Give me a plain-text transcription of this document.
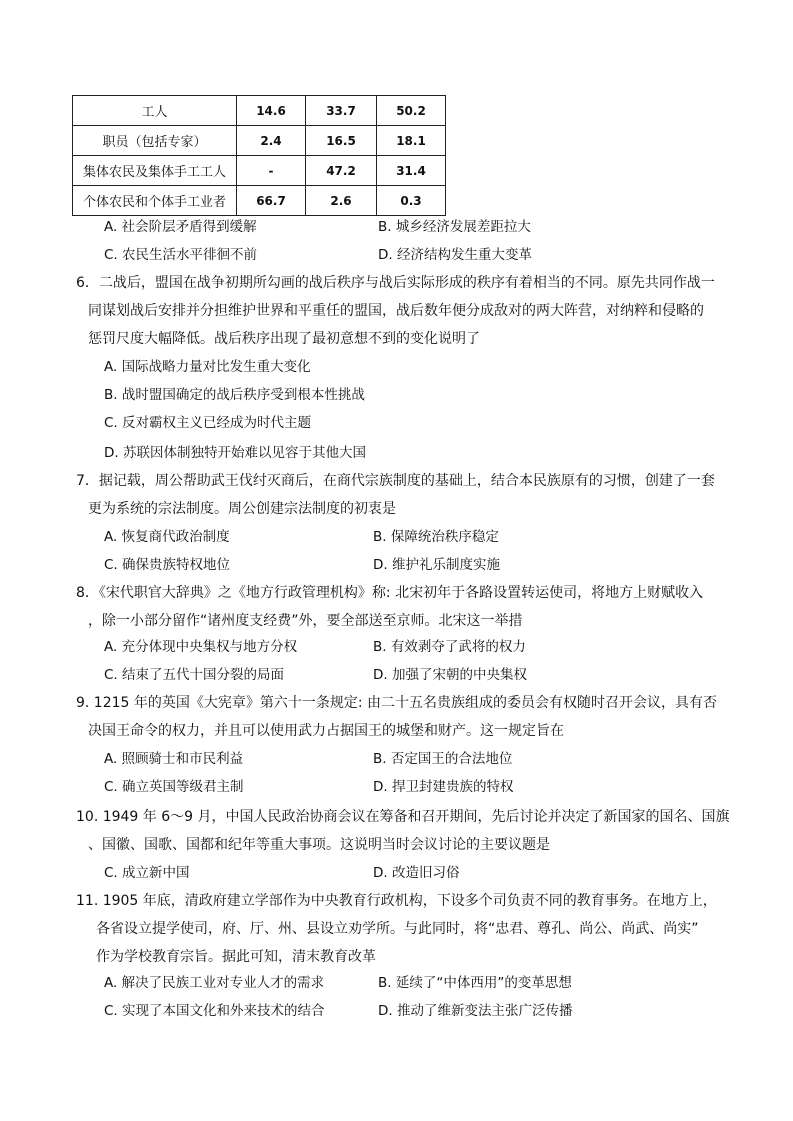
工人	14.6	33.7	50.2
职员（包括专家）	2.4	16.5	18.1
集体农民及集体手工工人	-	47.2	31.4
个体农民和个体手工业者	66.7	2.6	0.3
A. 社会阶层矛盾得到缓解	B. 城乡经济发展差距拉大
C. 农民生活水平徘徊不前	D. 经济结构发生重大变革
6．二战后，盟国在战争初期所勾画的战后秩序与战后实际形成的秩序有着相当的不同。原先共同作战一
同谋划战后安排并分担维护世界和平重任的盟国，战后数年便分成敌对的两大阵营，对纳粹和侵略的
惩罚尺度大幅降低。战后秩序出现了最初意想不到的变化说明了
A. 国际战略力量对比发生重大变化
B. 战时盟国确定的战后秩序受到根本性挑战
C. 反对霸权主义已经成为时代主题
D. 苏联因体制独特开始难以见容于其他大国
7．据记载，周公帮助武王伐纣灭商后，在商代宗族制度的基础上，结合本民族原有的习惯，创建了一套
更为系统的宗法制度。周公创建宗法制度的初衷是
A. 恢复商代政治制度	B. 保障统治秩序稳定
C. 确保贵族特权地位	D. 维护礼乐制度实施
8．《宋代职官大辞典》之《地方行政管理机构》称: 北宋初年于各路设置转运使司，将地方上财赋收入
，除一小部分留作“诸州度支经费”外，要全部送至京师。北宋这一举措
A. 充分体现中央集权与地方分权	B. 有效剥夺了武将的权力
C. 结束了五代十国分裂的局面	D. 加强了宋朝的中央集权
9. 1215 年的英国《大宪章》第六十一条规定: 由二十五名贵族组成的委员会有权随时召开会议，具有否
决国王命令的权力，并且可以使用武力占据国王的城堡和财产。这一规定旨在
A. 照顾骑士和市民利益	B. 否定国王的合法地位
C. 确立英国等级君主制	D. 捍卫封建贵族的特权
10. 1949 年 6～9 月，中国人民政治协商会议在筹备和召开期间，先后讨论并决定了新国家的国名、国旗
、国徽、国歌、国都和纪年等重大事项。这说明当时会议讨论的主要议题是
C. 成立新中国	D. 改造旧习俗
11. 1905 年底，清政府建立学部作为中央教育行政机构，下设多个司负责不同的教育事务。在地方上，
各省设立提学使司，府、厅、州、县设立劝学所。与此同时，将“忠君、尊孔、尚公、尚武、尚实”
作为学校教育宗旨。据此可知，清末教育改革
A. 解决了民族工业对专业人才的需求	B. 延续了“中体西用”的变革思想
C. 实现了本国文化和外来技术的结合	D. 推动了维新变法主张广泛传播
